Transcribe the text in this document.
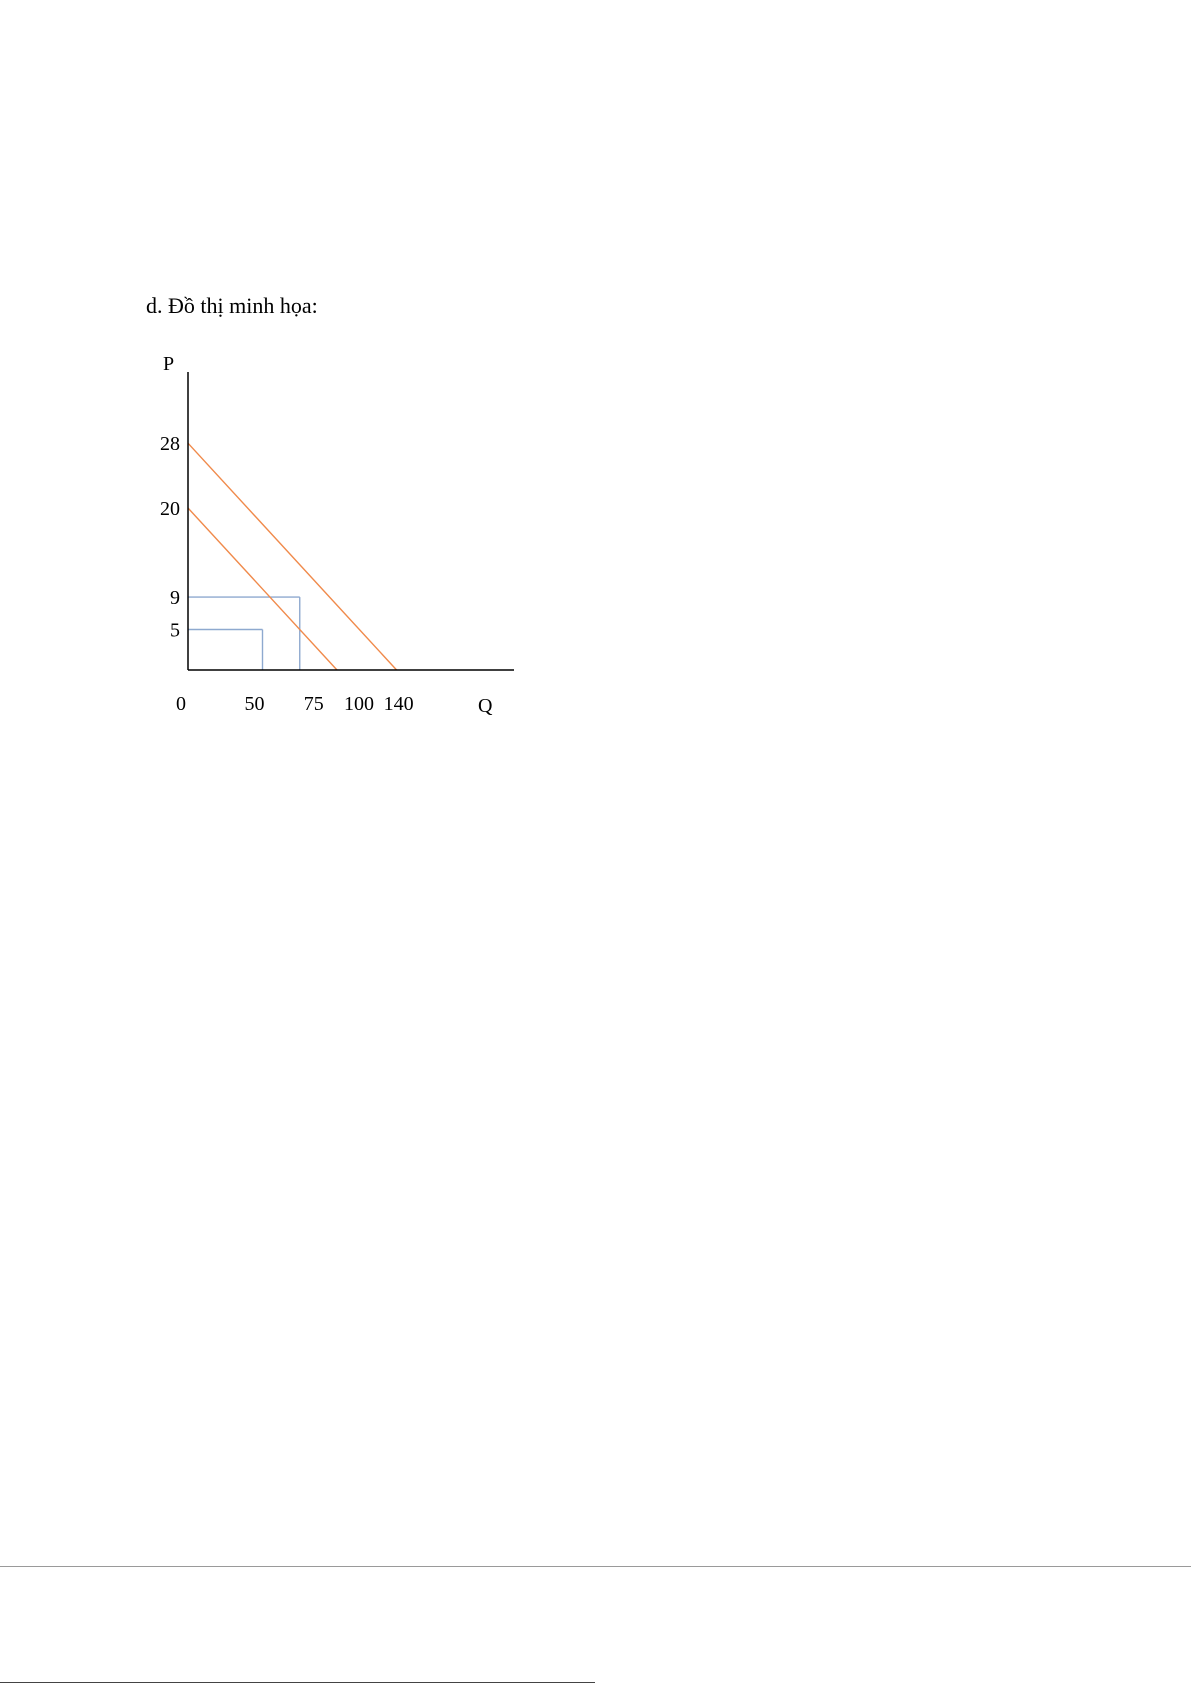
d. Đồ thị minh họa:
P
Q
0	50 75 100 140
5
9
20
28
